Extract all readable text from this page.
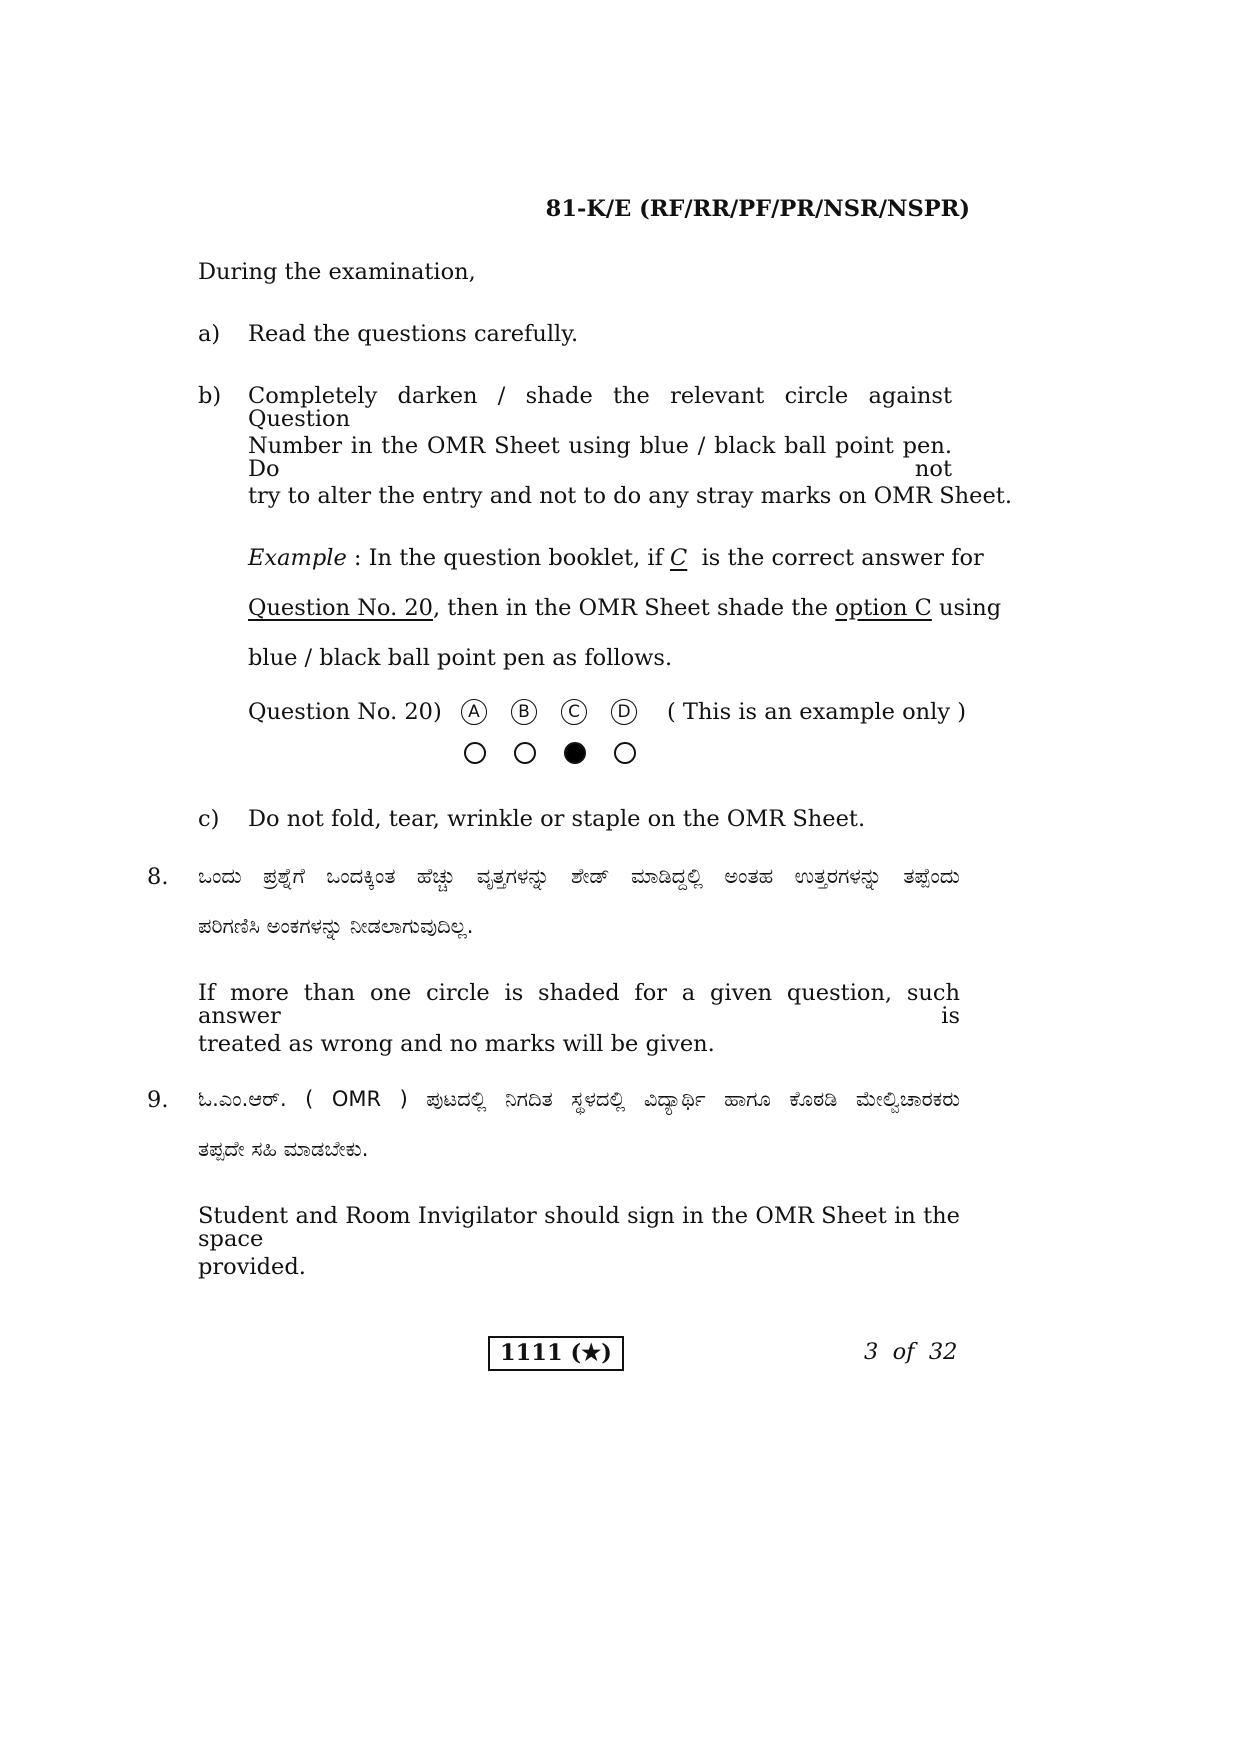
81-K/E (RF/RR/PF/PR/NSR/NSPR)
During the examination,
a) Read the questions carefully.
b) Completely darken / shade the relevant circle against Question
Number in the OMR Sheet using blue / black ball point pen. Do not
try to alter the entry and not to do any stray marks on OMR Sheet.
Example : In the question booklet, if C is the correct answer for
Question No. 20, then in the OMR Sheet shade the option C using
blue / black ball point pen as follows.
Question No. 20)	A	B	C	D ( This is an example only )
c) Do not fold, tear, wrinkle or staple on the OMR Sheet.
8. ಒಂದು ಪ್ರಶ್ನೆಗೆ ಒಂದಕ್ಕಿಂತ ಹೆಚ್ಚು ವೃತ್ತಗಳನ್ನು ಶೇಡ್ ಮಾಡಿದ್ದಲ್ಲಿ ಅಂತಹ ಉತ್ತರಗಳನ್ನು ತಪ್ಪೆಂದು
ಪರಿಗಣಿಸಿ ಅಂಕಗಳನ್ನು ನೀಡಲಾಗುವುದಿಲ್ಲ.
If more than one circle is shaded for a given question, such answer is
treated as wrong and no marks will be given.
9. ಓ.ಎಂ.ಆರ್. ( OMR ) ಪುಟದಲ್ಲಿ ನಿಗದಿತ ಸ್ಥಳದಲ್ಲಿ ವಿದ್ಯಾರ್ಥಿ ಹಾಗೂ ಕೊಠಡಿ ಮೇಲ್ವಿಚಾರಕರು
ತಪ್ಪದೇ ಸಹಿ ಮಾಡಬೇಕು.
Student and Room Invigilator should sign in the OMR Sheet in the space
provided.
1111 (★)	3 of 32
